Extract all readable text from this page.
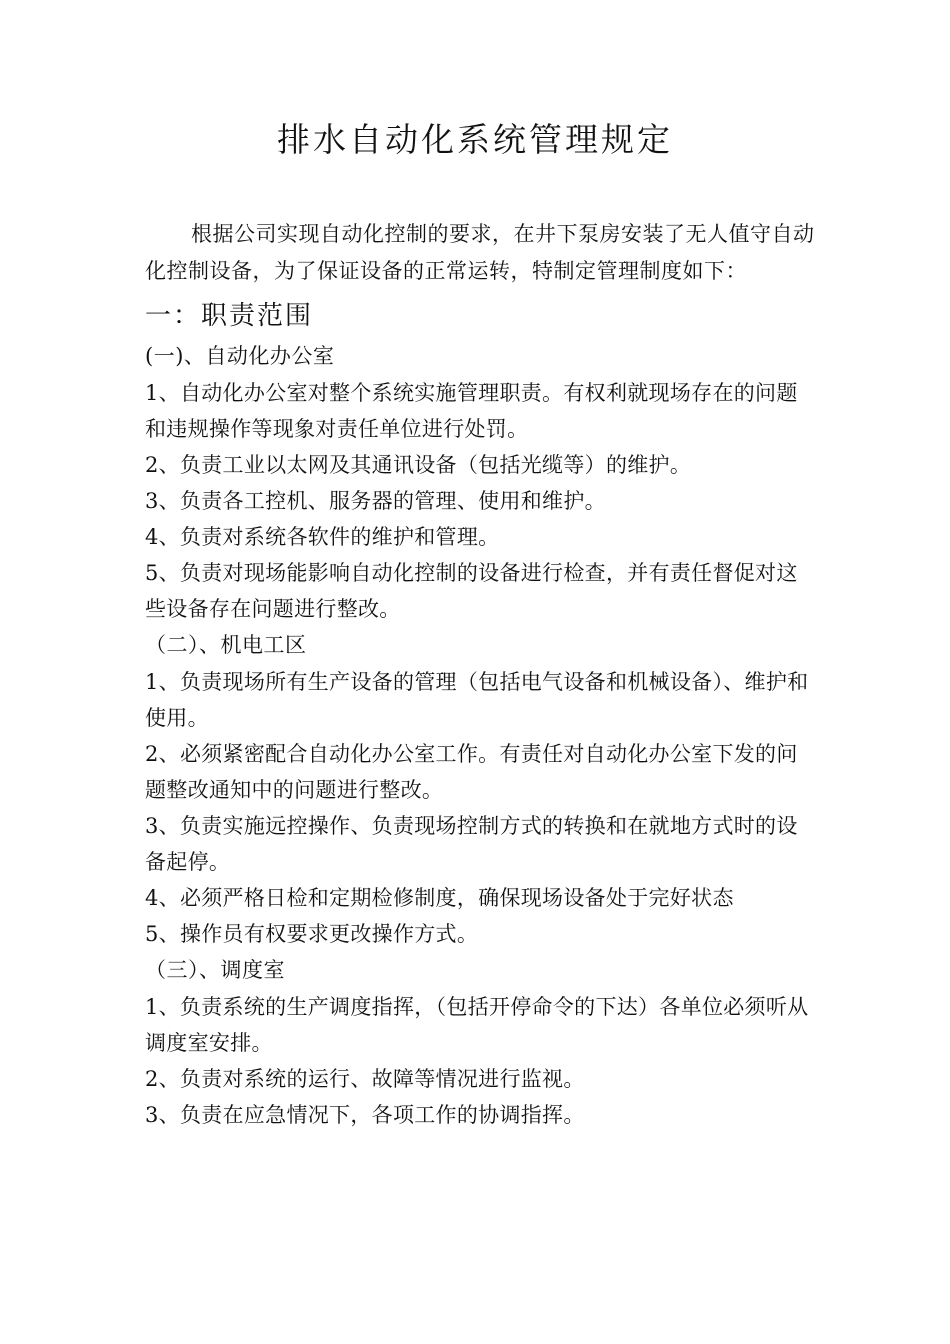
排水自动化系统管理规定

根据公司实现自动化控制的要求，在井下泵房安装了无人值守自动化控制设备，为了保证设备的正常运转，特制定管理制度如下：

一：职责范围

(一)、自动化办公室

1、自动化办公室对整个系统实施管理职责。有权利就现场存在的问题和违规操作等现象对责任单位进行处罚。

2、负责工业以太网及其通讯设备（包括光缆等）的维护。

3、负责各工控机、服务器的管理、使用和维护。

4、负责对系统各软件的维护和管理。

5、负责对现场能影响自动化控制的设备进行检查，并有责任督促对这些设备存在问题进行整改。

（二）、机电工区

1、负责现场所有生产设备的管理（包括电气设备和机械设备）、维护和使用。

2、必须紧密配合自动化办公室工作。有责任对自动化办公室下发的问题整改通知中的问题进行整改。

3、负责实施远控操作、负责现场控制方式的转换和在就地方式时的设备起停。

4、必须严格日检和定期检修制度，确保现场设备处于完好状态

5、操作员有权要求更改操作方式。

（三）、调度室

1、负责系统的生产调度指挥，（包括开停命令的下达）各单位必须听从调度室安排。

2、负责对系统的运行、故障等情况进行监视。

3、负责在应急情况下，各项工作的协调指挥。
